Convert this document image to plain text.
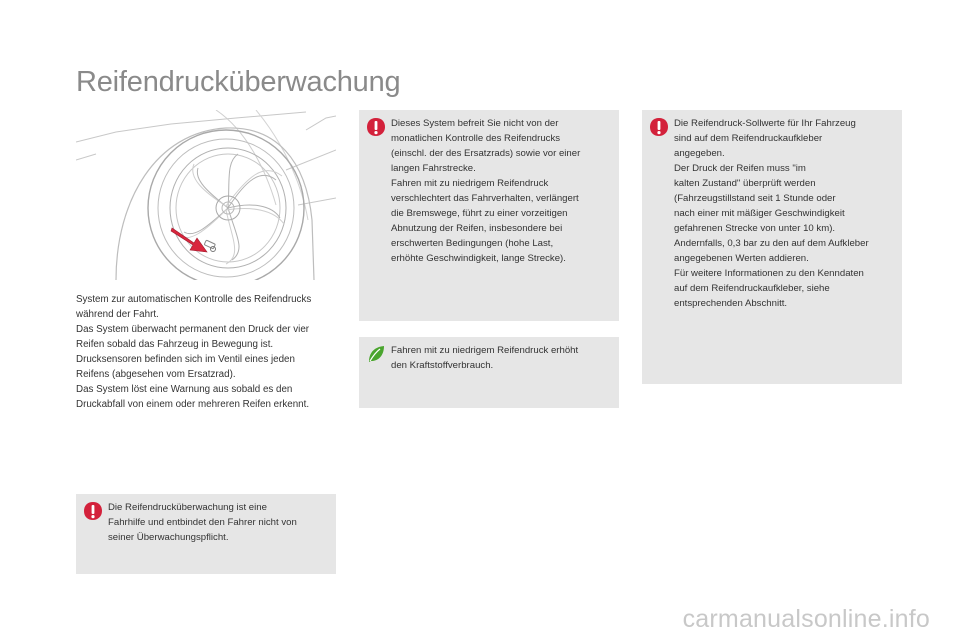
Reifendrucküberwachung

System zur automatischen Kontrolle des Reifendrucks

während der Fahrt.

Das System überwacht permanent den Druck der vier

Reifen sobald das Fahrzeug in Bewegung ist.

Drucksensoren befinden sich im Ventil eines jeden

Reifens (abgesehen vom Ersatzrad).

Das System löst eine Warnung aus sobald es den

Druckabfall von einem oder mehreren Reifen erkennt.

Die Reifendrucküberwachung ist eine

Fahrhilfe und entbindet den Fahrer nicht von

seiner Überwachungspflicht.

Dieses System befreit Sie nicht von der

monatlichen Kontrolle des Reifendrucks

(einschl. der des Ersatzrads) sowie vor einer

langen Fahrstrecke.

Fahren mit zu niedrigem Reifendruck

verschlechtert das Fahrverhalten, verlängert

die Bremswege, führt zu einer vorzeitigen

Abnutzung der Reifen, insbesondere bei

erschwerten Bedingungen (hohe Last,

erhöhte Geschwindigkeit, lange Strecke).

Fahren mit zu niedrigem Reifendruck erhöht

den Kraftstoffverbrauch.

Die Reifendruck-Sollwerte für Ihr Fahrzeug

sind auf dem Reifendruckaufkleber

angegeben.

Der Druck der Reifen muss "im

kalten Zustand" überprüft werden

(Fahrzeugstillstand seit 1 Stunde oder

nach einer mit mäßiger Geschwindigkeit

gefahrenen Strecke von unter 10 km).

Andernfalls, 0,3 bar zu den auf dem Aufkleber

angegebenen Werten addieren.

Für weitere Informationen zu den Kenndaten

auf dem Reifendruckaufkleber, siehe

entsprechenden Abschnitt.

carmanualsonline.info
